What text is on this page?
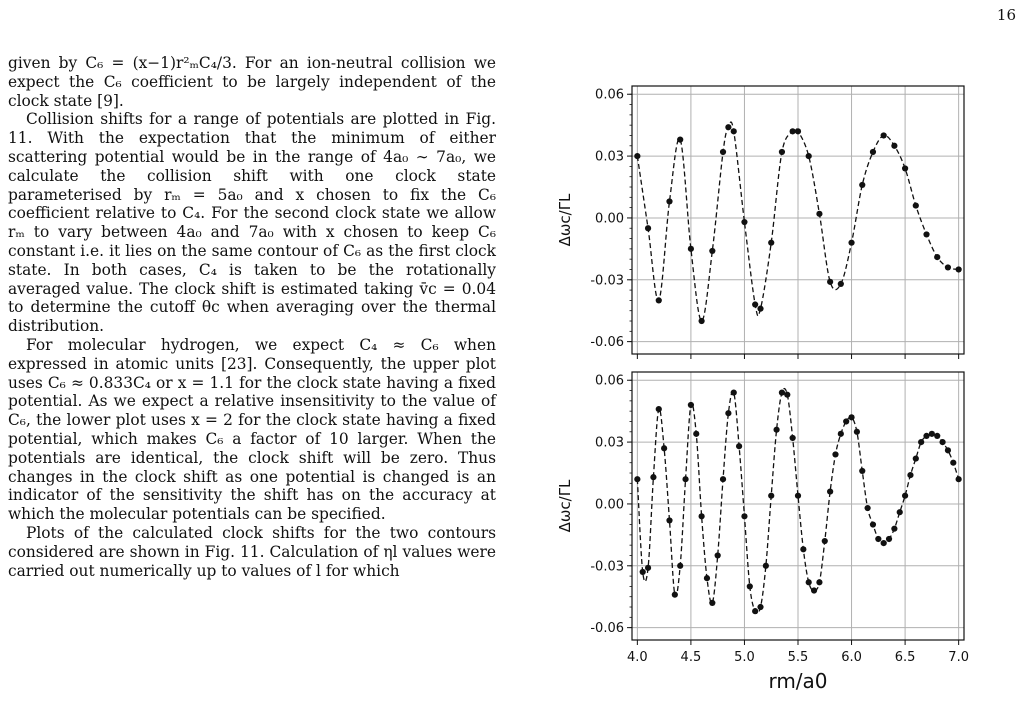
16

given by C₆ = (x−1)r²ₘC₄/3. For an ion-neutral collision we expect the C₆ coefficient to be largely independent of the clock state [9].

Collision shifts for a range of potentials are plotted in Fig. 11. With the expectation that the minimum of either scattering potential would be in the range of 4a₀ ∼ 7a₀, we calculate the collision shift with one clock state parameterised by rₘ = 5a₀ and x chosen to fix the C₆ coefficient relative to C₄. For the second clock state we allow rₘ to vary between 4a₀ and 7a₀ with x chosen to keep C₆ constant i.e. it lies on the same contour of C₆ as the first clock state. In both cases, C₄ is taken to be the rotationally averaged value. The clock shift is estimated taking v̄c = 0.04 to determine the cutoff θc when averaging over the thermal distribution.

For molecular hydrogen, we expect C₄ ≈ C₆ when expressed in atomic units [23]. Consequently, the upper plot uses C₆ ≈ 0.833C₄ or x = 1.1 for the clock state having a fixed potential. As we expect a relative insensitivity to the value of C₆, the lower plot uses x = 2 for the clock state having a fixed potential, which makes C₆ a factor of 10 larger. When the potentials are identical, the clock shift will be zero. Thus changes in the clock shift as one potential is changed is an indicator of the sensitivity the shift has on the accuracy at which the molecular potentials can be specified.

Plots of the calculated clock shifts for the two contours considered are shown in Fig. 11. Calculation of ηl values were carried out numerically up to values of l for which

-0.06
-0.03
0.00
0.03
0.06
Δωc/ΓL
4.0	4.5	5.0	5.5	6.0	6.5	7.0
-0.06
-0.03
0.00
0.03
0.06
Δωc/ΓL
rm/a0
